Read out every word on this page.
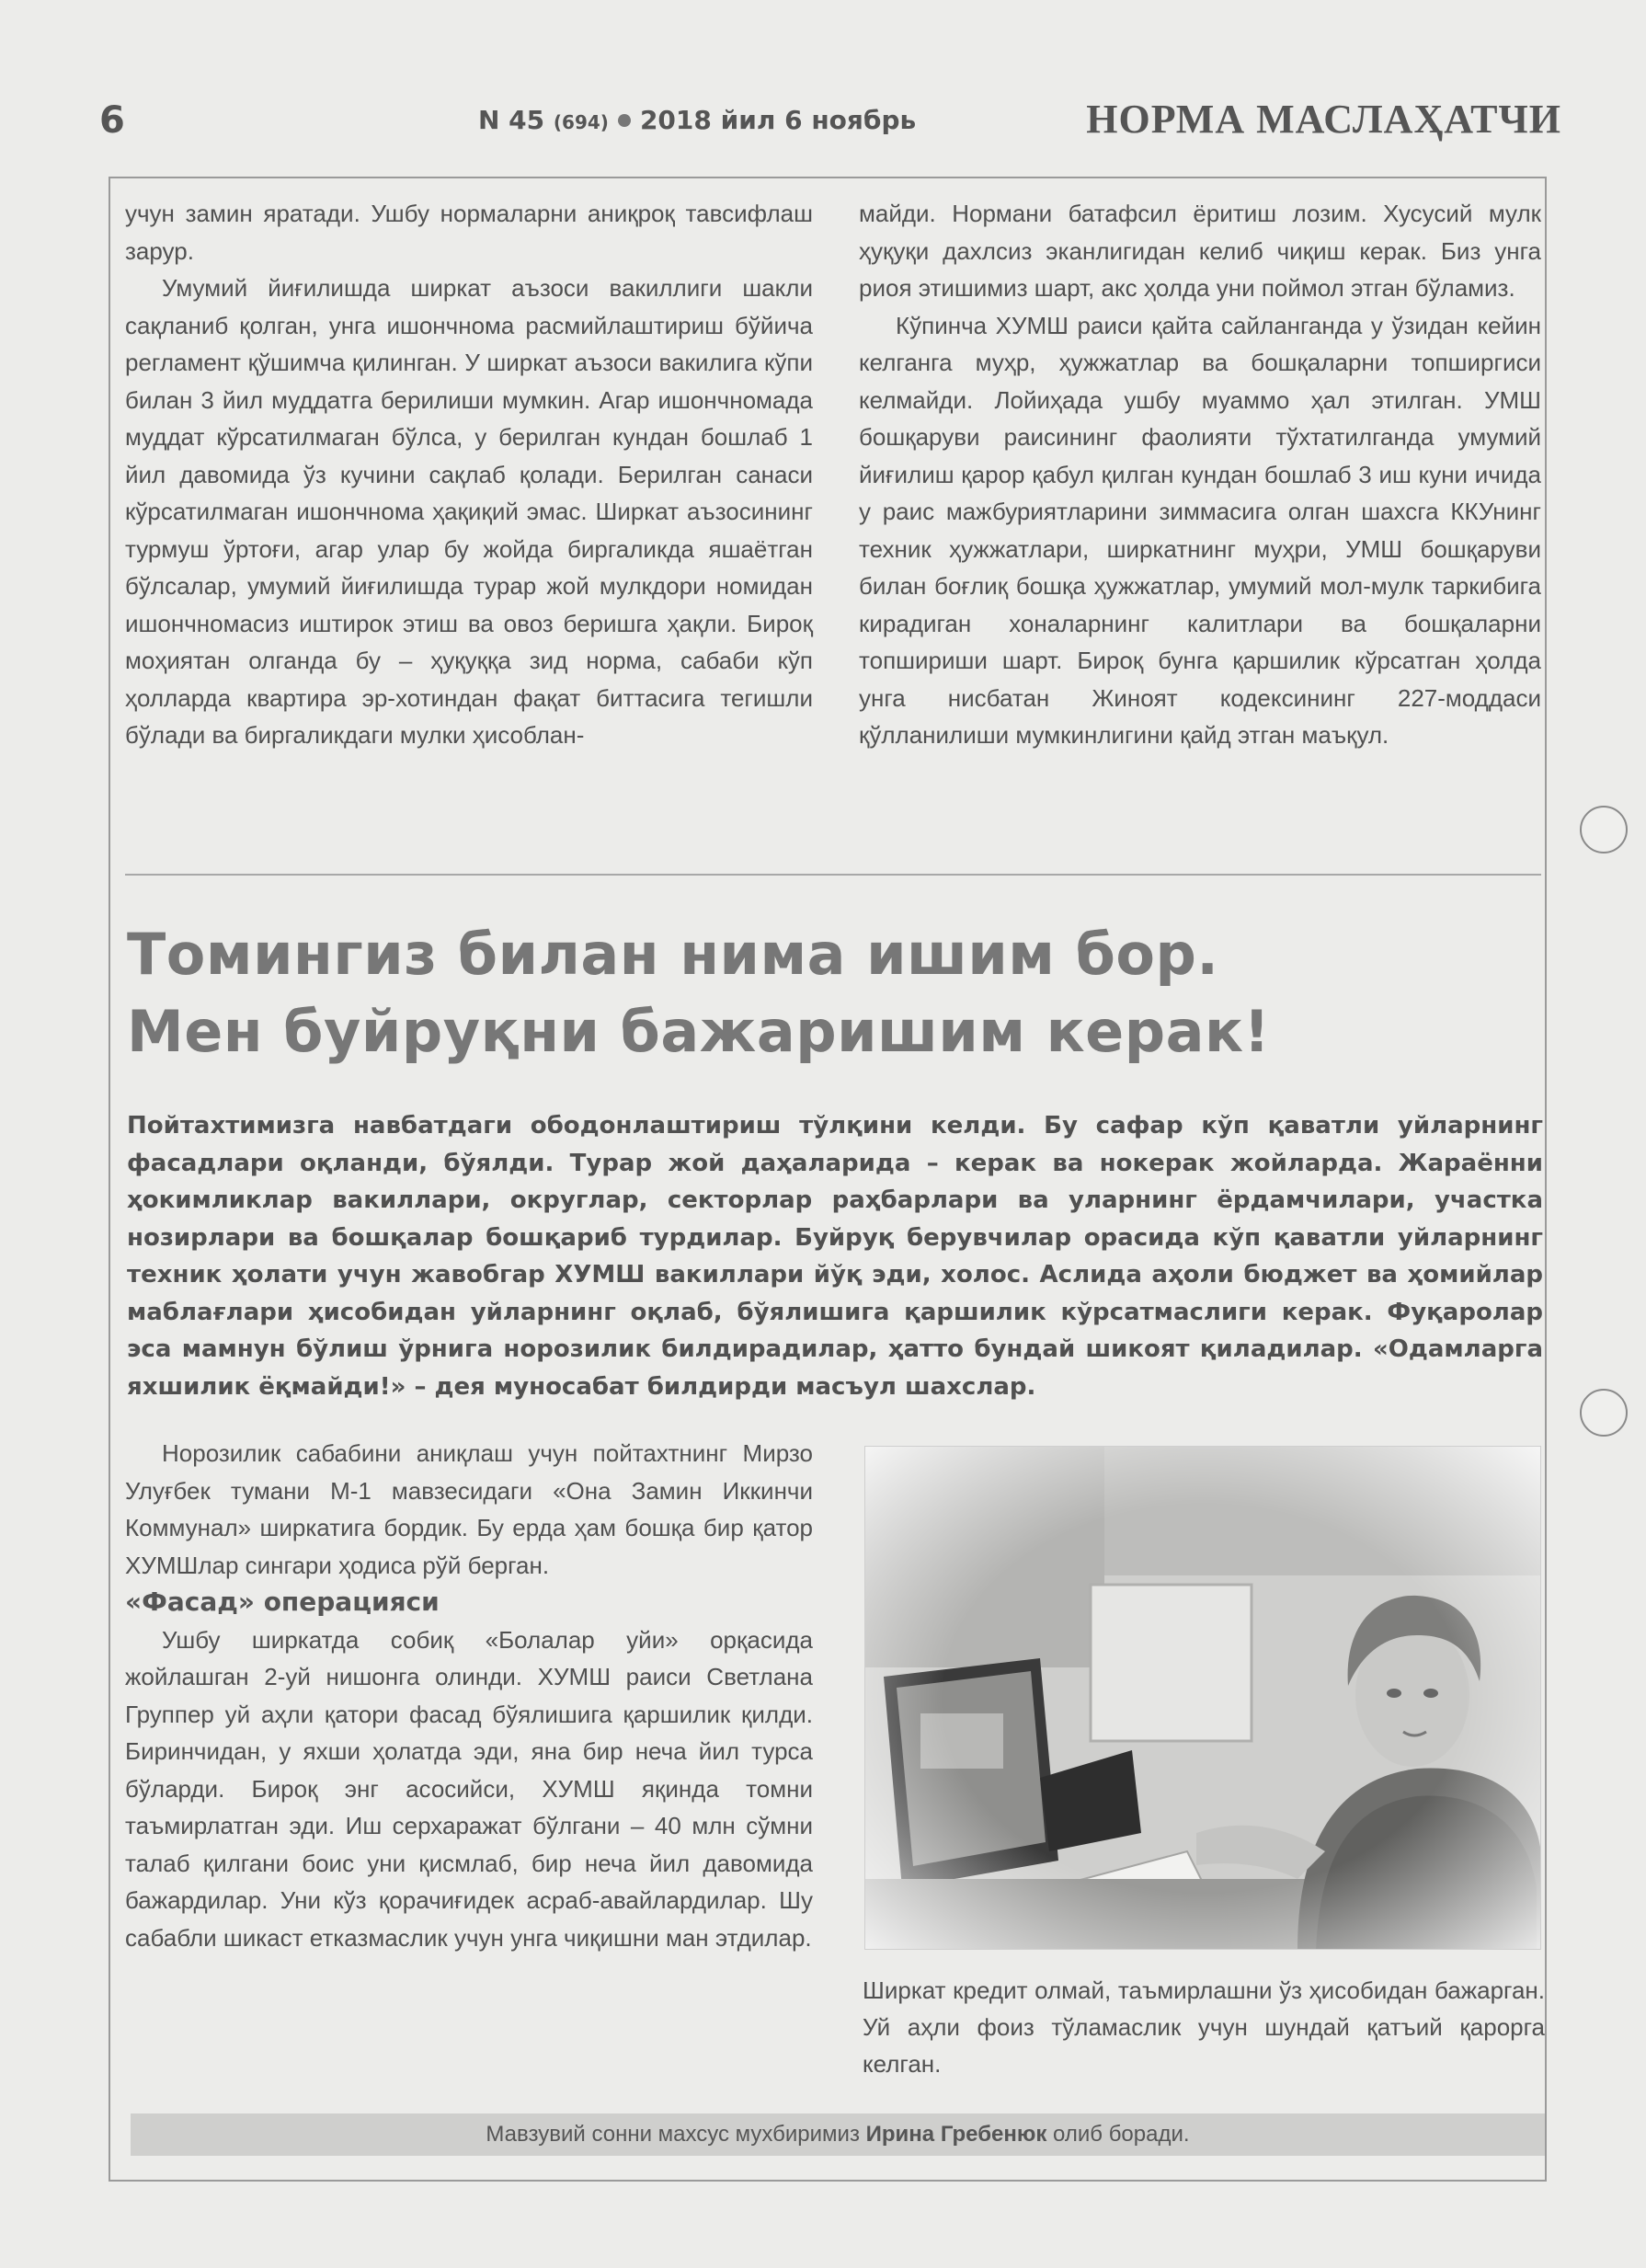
6	N 45 (694) 2018 йил 6 ноябрь	НОРМА МАСЛАҲАТЧИ

учун замин яратади. Ушбу нормаларни аниқроқ тавсифлаш зарур.

Умумий йиғилишда ширкат аъзоси вакиллиги шакли сақланиб қолган, унга ишончнома расмийлаштириш бўйича регламент қўшимча қилинган. У ширкат аъзоси вакилига кўпи билан 3 йил муддатга берилиши мумкин. Агар ишончномада муддат кўрсатилмаган бўлса, у берилган кундан бошлаб 1 йил давомида ўз кучини сақлаб қолади. Берилган санаси кўрсатилмаган ишончнома ҳақиқий эмас. Ширкат аъзосининг турмуш ўртоғи, агар улар бу жойда биргаликда яшаётган бўлсалар, умумий йиғилишда турар жой мулкдори номидан ишончномасиз иштирок этиш ва овоз беришга ҳақли. Бироқ моҳиятан олганда бу – ҳуқуққа зид норма, сабаби кўп ҳолларда квартира эр-хотиндан фақат биттасига тегишли бўлади ва биргаликдаги мулки ҳисоблан-

майди. Нормани батафсил ёритиш лозим. Хусусий мулк ҳуқуқи дахлсиз эканлигидан келиб чиқиш керак. Биз унга риоя этишимиз шарт, акс ҳолда уни поймол этган бўламиз.

Кўпинча ХУМШ раиси қайта сайланганда у ўзидан кейин келганга муҳр, ҳужжатлар ва бошқаларни топширгиси келмайди. Лойиҳада ушбу муаммо ҳал этилган. УМШ бошқаруви раисининг фаолияти тўхтатилганда умумий йиғилиш қарор қабул қилган кундан бошлаб 3 иш куни ичида у раис мажбуриятларини зиммасига олган шахсга ККУнинг техник ҳужжатлари, ширкатнинг муҳри, УМШ бошқаруви билан боғлиқ бошқа ҳужжатлар, умумий мол-мулк таркибига кирадиган хоналарнинг калитлари ва бошқаларни топшириши шарт. Бироқ бунга қаршилик кўрсатган ҳолда унга нисбатан Жиноят кодексининг 227-моддаси қўлланилиши мумкинлигини қайд этган маъқул.

Томингиз билан нима ишим бор.
Мен буйруқни бажаришим керак!
Пойтахтимизга навбатдаги ободонлаштириш тўлқини келди. Бу сафар кўп қаватли уйларнинг фасадлари оқланди, бўялди. Турар жой даҳаларида – керак ва нокерак жойларда. Жараённи ҳокимликлар вакиллари, округлар, секторлар раҳбарлари ва уларнинг ёрдамчилари, участка нозирлари ва бошқалар бошқариб турдилар. Буйруқ берувчилар орасида кўп қаватли уйларнинг техник ҳолати учун жавобгар ХУМШ вакиллари йўқ эди, холос. Аслида аҳоли бюджет ва ҳомийлар маблағлари ҳисобидан уйларнинг оқлаб, бўялишига қаршилик кўрсатмаслиги керак. Фуқаролар эса мамнун бўлиш ўрнига норозилик билдирадилар, ҳатто бундай шикоят қиладилар. «Одамларга яхшилик ёқмайди!» – дея муносабат билдирди масъул шахслар.

Норозилик сабабини аниқлаш учун пойтахтнинг Мирзо Улуғбек тумани М-1 мавзесидаги «Она Замин Иккинчи Коммунал» ширкатига бордик. Бу ерда ҳам бошқа бир қатор ХУМШлар сингари ҳодиса рўй берган.

«Фасад» операцияси

Ушбу ширкатда собиқ «Болалар уйи» орқасида жойлашган 2-уй нишонга олинди. ХУМШ раиси Светлана Группер уй аҳли қатори фасад бўялишига қаршилик қилди. Биринчидан, у яхши ҳолатда эди, яна бир неча йил турса бўларди. Бироқ энг асосийси, ХУМШ яқинда томни таъмирлатган эди. Иш серхаражат бўлгани – 40 млн сўмни талаб қилгани боис уни қисмлаб, бир неча йил давомида бажардилар. Уни кўз қорачиғидек асраб-авайлардилар. Шу сабабли шикаст етказмаслик учун унга чиқишни ман этдилар.

Ширкат кредит олмай, таъмирлашни ўз ҳисобидан бажарган. Уй аҳли фоиз тўламаслик учун шундай қатъий қарорга келган.
Мавзувий сонни махсус мухбиримиз Ирина Гребенюк олиб боради.
